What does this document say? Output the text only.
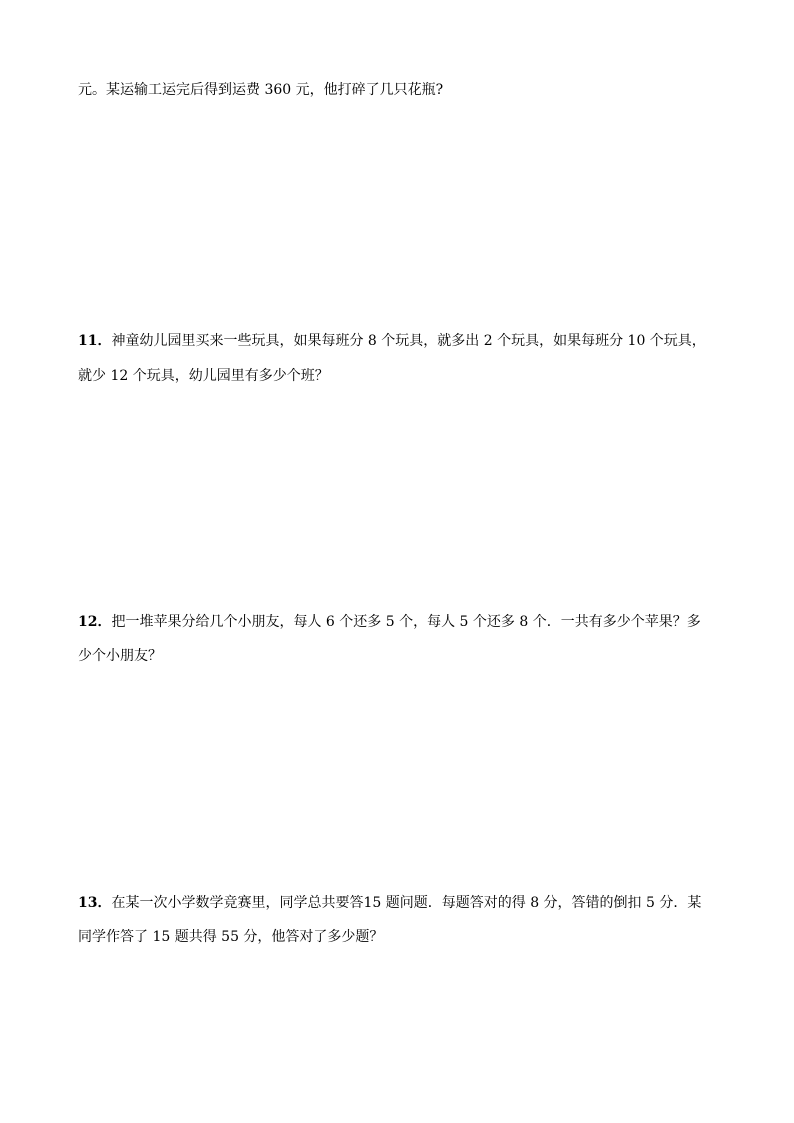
元。某运输工运完后得到运费 360 元，他打碎了几只花瓶?
11．神童幼儿园里买来一些玩具，如果每班分 8 个玩具，就多出 2 个玩具，如果每班分 10 个玩具，
就少 12 个玩具，幼儿园里有多少个班？
12．把一堆苹果分给几个小朋友，每人 6 个还多 5 个，每人 5 个还多 8 个．一共有多少个苹果？多
少个小朋友？
13．在某一次小学数学竞赛里，同学总共要答15 题问题．每题答对的得 8 分，答错的倒扣 5 分．某
同学作答了 15 题共得 55 分，他答对了多少题？
